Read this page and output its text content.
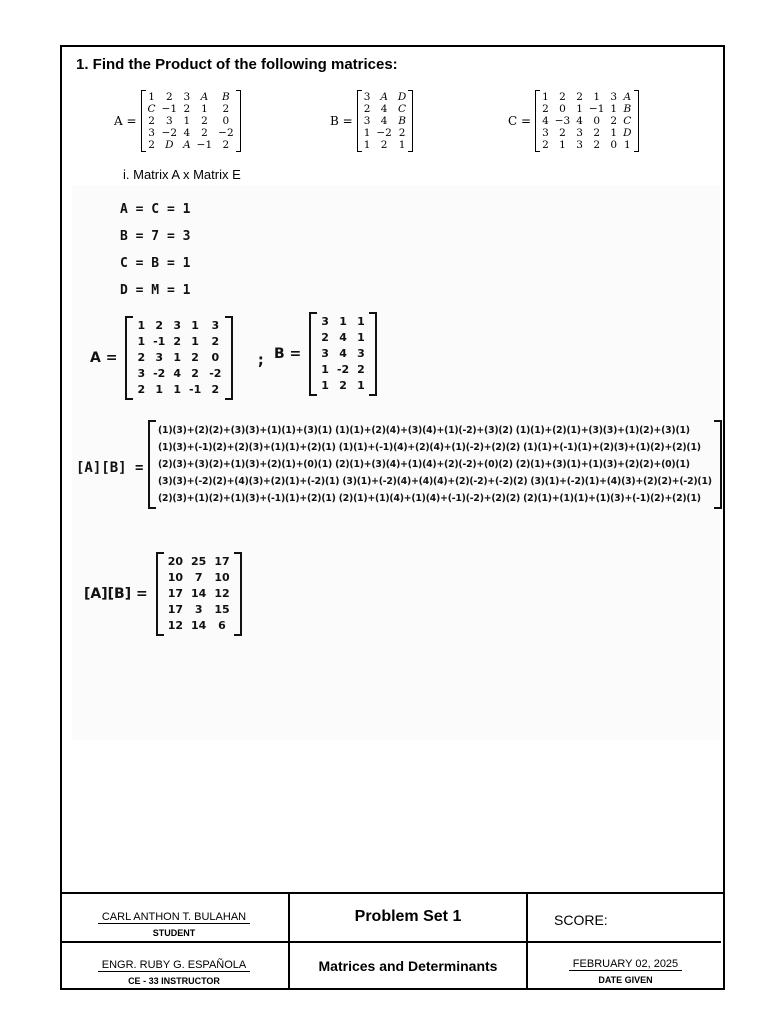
1. Find the Product of the following matrices:
A =
1	2	3 A	B
C −1 2	1	2
2	3	1	2	0
3 −2 4	2 −2
2 D A −1 2
B =
3 A D
2 4	C
3 4	B
1 −2 2
1 2	1
C =
1 2 2 1 3 A
2 0 1 −1 1 B
4 −3 4 0 2 C
3 2 3 2 1 D
2 1 3 2 0 1
i. Matrix A x Matrix E
A = C = 1
B = 7 = 3
C = B = 1
D = M = 1
A =
1 2 3 1	3
1 -1 2 1	2
2 3 1 2	0
3 -2 4 2 -2
2 1 1 -1 2
; B =
3 1 1
2 4 1
3 4 3
1 -2 2
1 2 1
[A][B] =
(1)(3)+(2)(2)+(3)(3)+(1)(1)+(3)(1) (1)(1)+(2)(4)+(3)(4)+(1)(-2)+(3)(2) (1)(1)+(2)(1)+(3)(3)+(1)(2)+(3)(1)
(1)(3)+(-1)(2)+(2)(3)+(1)(1)+(2)(1) (1)(1)+(-1)(4)+(2)(4)+(1)(-2)+(2)(2) (1)(1)+(-1)(1)+(2)(3)+(1)(2)+(2)(1)
(2)(3)+(3)(2)+(1)(3)+(2)(1)+(0)(1) (2)(1)+(3)(4)+(1)(4)+(2)(-2)+(0)(2) (2)(1)+(3)(1)+(1)(3)+(2)(2)+(0)(1)
(3)(3)+(-2)(2)+(4)(3)+(2)(1)+(-2)(1) (3)(1)+(-2)(4)+(4)(4)+(2)(-2)+(-2)(2) (3)(1)+(-2)(1)+(4)(3)+(2)(2)+(-2)(1)
(2)(3)+(1)(2)+(1)(3)+(-1)(1)+(2)(1) (2)(1)+(1)(4)+(1)(4)+(-1)(-2)+(2)(2) (2)(1)+(1)(1)+(1)(3)+(-1)(2)+(2)(1)
[A][B] =
20 25 17
10	7	10
17 14 12
17	3	15
12 14	6
CARL ANTHON T. BULAHAN
STUDENT
Problem Set 1	SCORE:
ENGR. RUBY G. ESPAÑOLA
CE - 33 INSTRUCTOR
Matrices and Determinants	FEBRUARY 02, 2025
DATE GIVEN
